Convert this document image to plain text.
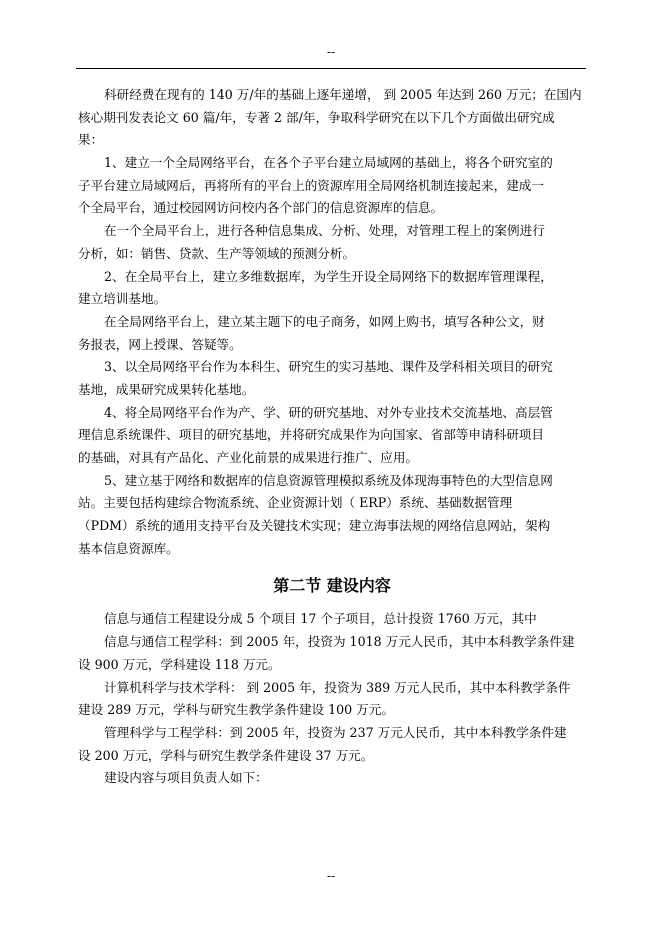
--
科研经费在现有的 140 万/年的基础上逐年递增， 到 2005 年达到 260 万元；在国内
核心期刊发表论文 60 篇/年，专著 2 部/年，争取科学研究在以下几个方面做出研究成
果：
1、建立一个全局网络平台，在各个子平台建立局域网的基础上，将各个研究室的
子平台建立局域网后，再将所有的平台上的资源库用全局网络机制连接起来，建成一
个全局平台，通过校园网访问校内各个部门的信息资源库的信息。
在一个全局平台上，进行各种信息集成、分析、处理，对管理工程上的案例进行
分析，如：销售、贷款、生产等领域的预测分析。
2、在全局平台上，建立多维数据库，为学生开设全局网络下的数据库管理课程，
建立培训基地。
在全局网络平台上，建立某主题下的电子商务，如网上购书，填写各种公文，财
务报表，网上授课、答疑等。
3、以全局网络平台作为本科生、研究生的实习基地、课件及学科相关项目的研究
基地，成果研究成果转化基地。
4、将全局网络平台作为产、学、研的研究基地、对外专业技术交流基地、高层管
理信息系统课件、项目的研究基地，并将研究成果作为向国家、省部等申请科研项目
的基础，对具有产品化、产业化前景的成果进行推广、应用。
5、建立基于网络和数据库的信息资源管理模拟系统及体现海事特色的大型信息网
站。主要包括构建综合物流系统、企业资源计划（ ERP）系统、基础数据管理
（PDM）系统的通用支持平台及关键技术实现；建立海事法规的网络信息网站，架构
基本信息资源库。
第二节 建设内容
信息与通信工程建设分成 5 个项目 17 个子项目，总计投资 1760 万元，其中
信息与通信工程学科：到 2005 年，投资为 1018 万元人民币，其中本科教学条件建
设 900 万元，学科建设 118 万元。
计算机科学与技术学科： 到 2005 年，投资为 389 万元人民币，其中本科教学条件
建设 289 万元，学科与研究生教学条件建设 100 万元。
管理科学与工程学科：到 2005 年，投资为 237 万元人民币，其中本科教学条件建
设 200 万元，学科与研究生教学条件建设 37 万元。
建设内容与项目负责人如下：
--
